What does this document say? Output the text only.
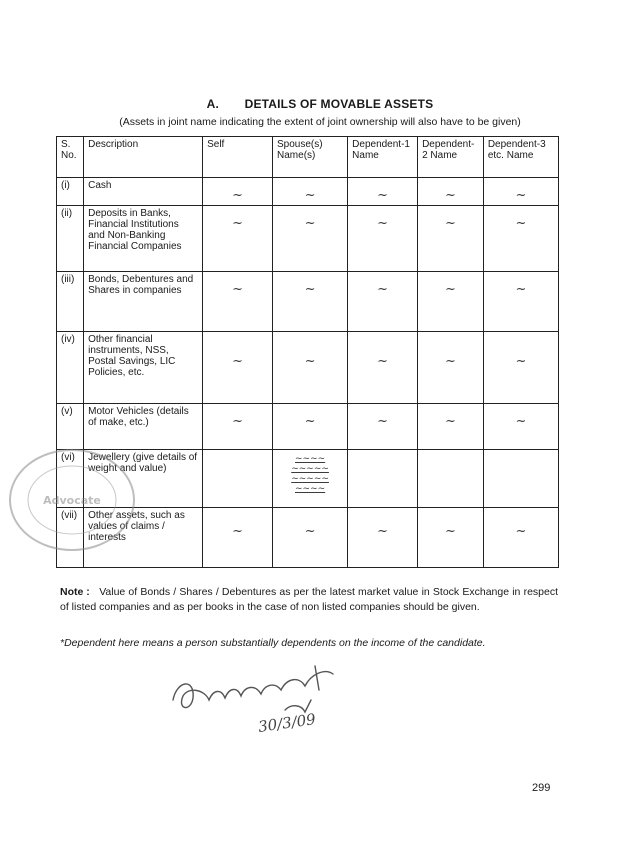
A. DETAILS OF MOVABLE ASSETS
(Assets in joint name indicating the extent of joint ownership will also have to be given)
S. No.	Description	Self	Spouse(s) Name(s)	Dependent-1 Name	Dependent-2 Name	Dependent-3 etc. Name
(i)	Cash	~	~	~	~	~

(ii)	Deposits in Banks, Financial Institutions and Non-Banking Financial Companies	~	~	~	~	~

(iii)	Bonds, Debentures and Shares in companies	~	~	~	~	~

(iv)	Other financial instruments, NSS, Postal Savings, LIC Policies, etc.	~	~	~	~	~

(v)	Motor Vehicles (details of make, etc.)	~	~	~	~	~

(vi)	Jewellery (give details of weight and value)		~~~~
~~~~~
~~~~~
~~~~			

(vii)	Other assets, such as values of claims / interests	~	~	~	~	~
Advocate
Note : Value of Bonds / Shares / Debentures as per the latest market value in Stock Exchange in respect of listed companies and as per books in the case of non listed companies should be given.
*Dependent here means a person substantially dependents on the income of the candidate.
30/3/09
299
